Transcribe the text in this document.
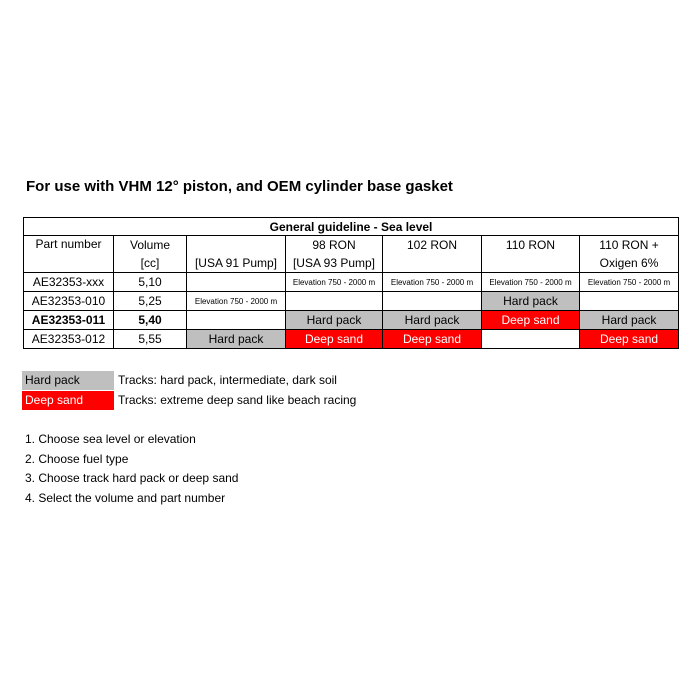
For use with VHM 12° piston, and OEM cylinder base gasket
General guideline - Sea level						
Part number	Volume		98 RON	102 RON	110 RON	110 RON +
	[cc]	[USA 91 Pump]	[USA 93 Pump]			Oxigen 6%
AE32353-xxx	5,10		Elevation 750 - 2000 m	Elevation 750 - 2000 m	Elevation 750 - 2000 m	Elevation 750 - 2000 m
AE32353-010	5,25	Elevation 750 - 2000 m			Hard pack	
AE32353-011	5,40		Hard pack	Hard pack	Deep sand	Hard pack
AE32353-012	5,55	Hard pack	Deep sand	Deep sand		Deep sand
Hard pack	Tracks: hard pack, intermediate, dark soil
Deep sand	Tracks: extreme deep sand like beach racing
1. Choose sea level or elevation
2. Choose fuel type
3. Choose track hard pack or deep sand
4. Select the volume and part number
